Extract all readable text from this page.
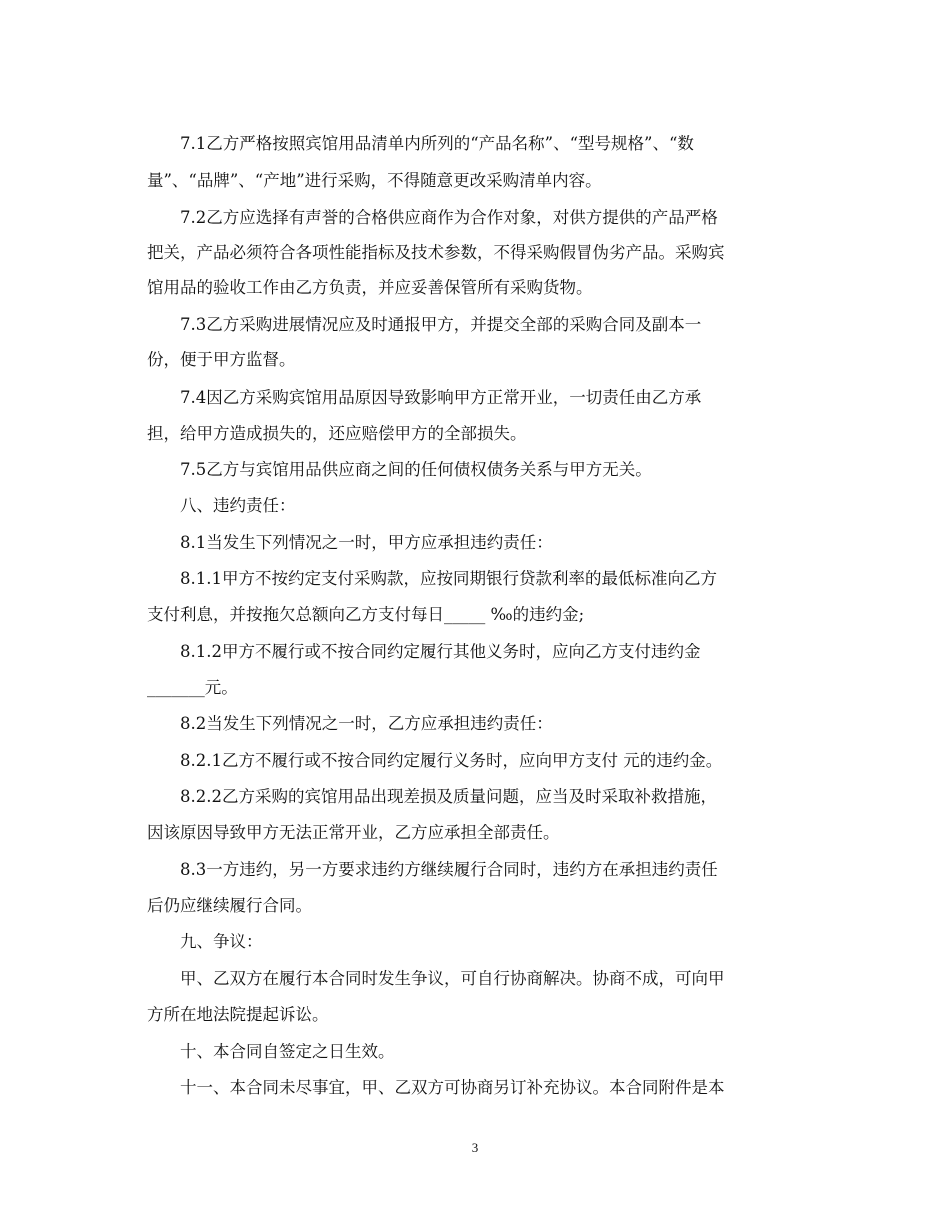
7.1乙方严格按照宾馆用品清单内所列的“产品名称”、“型号规格”、“数
量”、“品牌”、“产地”进行采购，不得随意更改采购清单内容。
7.2乙方应选择有声誉的合格供应商作为合作对象，对供方提供的产品严格
把关，产品必须符合各项性能指标及技术参数，不得采购假冒伪劣产品。采购宾
馆用品的验收工作由乙方负责，并应妥善保管所有采购货物。
7.3乙方采购进展情况应及时通报甲方，并提交全部的采购合同及副本一
份，便于甲方监督。
7.4因乙方采购宾馆用品原因导致影响甲方正常开业，一切责任由乙方承
担，给甲方造成损失的，还应赔偿甲方的全部损失。
7.5乙方与宾馆用品供应商之间的任何债权债务关系与甲方无关。
八、违约责任：
8.1当发生下列情况之一时，甲方应承担违约责任：
8.1.1甲方不按约定支付采购款，应按同期银行贷款利率的最低标准向乙方
支付利息，并按拖欠总额向乙方支付每日_____ ‰的违约金;
8.1.2甲方不履行或不按合同约定履行其他义务时，应向乙方支付违约金
_______元。
8.2当发生下列情况之一时，乙方应承担违约责任：
8.2.1乙方不履行或不按合同约定履行义务时，应向甲方支付 元的违约金。
8.2.2乙方采购的宾馆用品出现差损及质量问题，应当及时采取补救措施，
因该原因导致甲方无法正常开业，乙方应承担全部责任。
8.3一方违约，另一方要求违约方继续履行合同时，违约方在承担违约责任
后仍应继续履行合同。
九、争议：
甲、乙双方在履行本合同时发生争议，可自行协商解决。协商不成，可向甲
方所在地法院提起诉讼。
十、本合同自签定之日生效。
十一、本合同未尽事宜，甲、乙双方可协商另订补充协议。本合同附件是本
3
